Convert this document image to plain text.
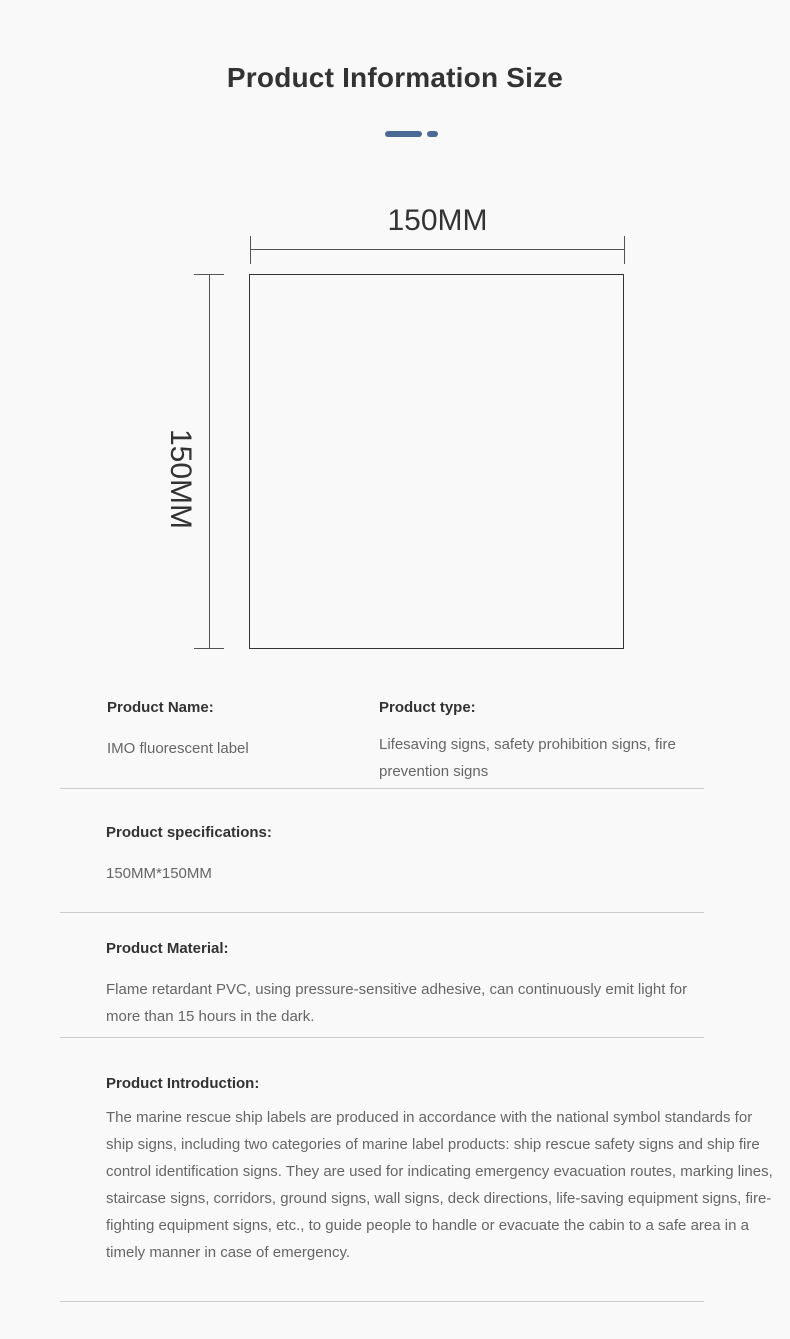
Product Information Size
150MM
150MM
Product Name:
IMO fluorescent label
Product type:
Lifesaving signs, safety prohibition signs, fire prevention signs
Product specifications:
150MM*150MM
Product Material:
Flame retardant PVC, using pressure-sensitive adhesive, can continuously emit light for more than 15 hours in the dark.
Product Introduction:
The marine rescue ship labels are produced in accordance with the national symbol standards for ship signs, including two categories of marine label products: ship rescue safety signs and ship fire control identification signs. They are used for indicating emergency evacuation routes, marking lines, staircase signs, corridors, ground signs, wall signs, deck directions, life-saving equipment signs, fire-fighting equipment signs, etc., to guide people to handle or evacuate the cabin to a safe area in a timely manner in case of emergency.
